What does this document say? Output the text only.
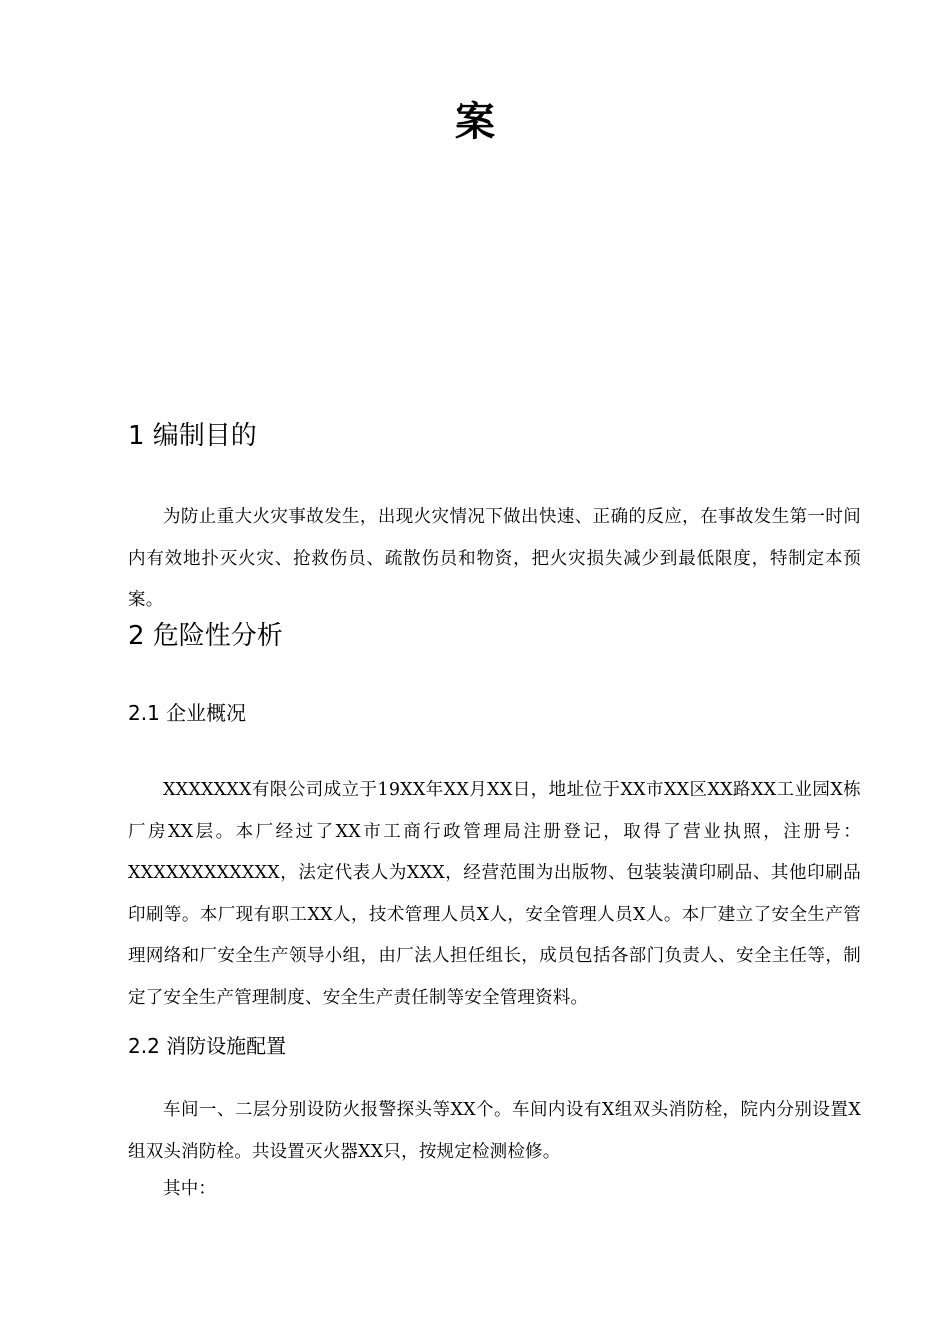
案
1 编制目的

为防止重大火灾事故发生，出现火灾情况下做出快速、正确的反应，在事故发生第一时间内有效地扑灭火灾、抢救伤员、疏散伤员和物资，把火灾损失减少到最低限度，特制定本预案。

2 危险性分析
2.1 企业概况

XXXXXXX有限公司成立于19XX年XX月XX日，地址位于XX市XX区XX路XX工业园X栋厂房XX层。本厂经过了XX市工商行政管理局注册登记，取得了营业执照，注册号：XXXXXXXXXXXX，法定代表人为XXX，经营范围为出版物、包装装潢印刷品、其他印刷品印刷等。本厂现有职工XX人，技术管理人员X人，安全管理人员X人。本厂建立了安全生产管理网络和厂安全生产领导小组，由厂法人担任组长，成员包括各部门负责人、安全主任等，制定了安全生产管理制度、安全生产责任制等安全管理资料。

2.2 消防设施配置

车间一、二层分别设防火报警探头等XX个。车间内设有X组双头消防栓，院内分别设置X组双头消防栓。共设置灭火器XX只，按规定检测检修。

其中：
